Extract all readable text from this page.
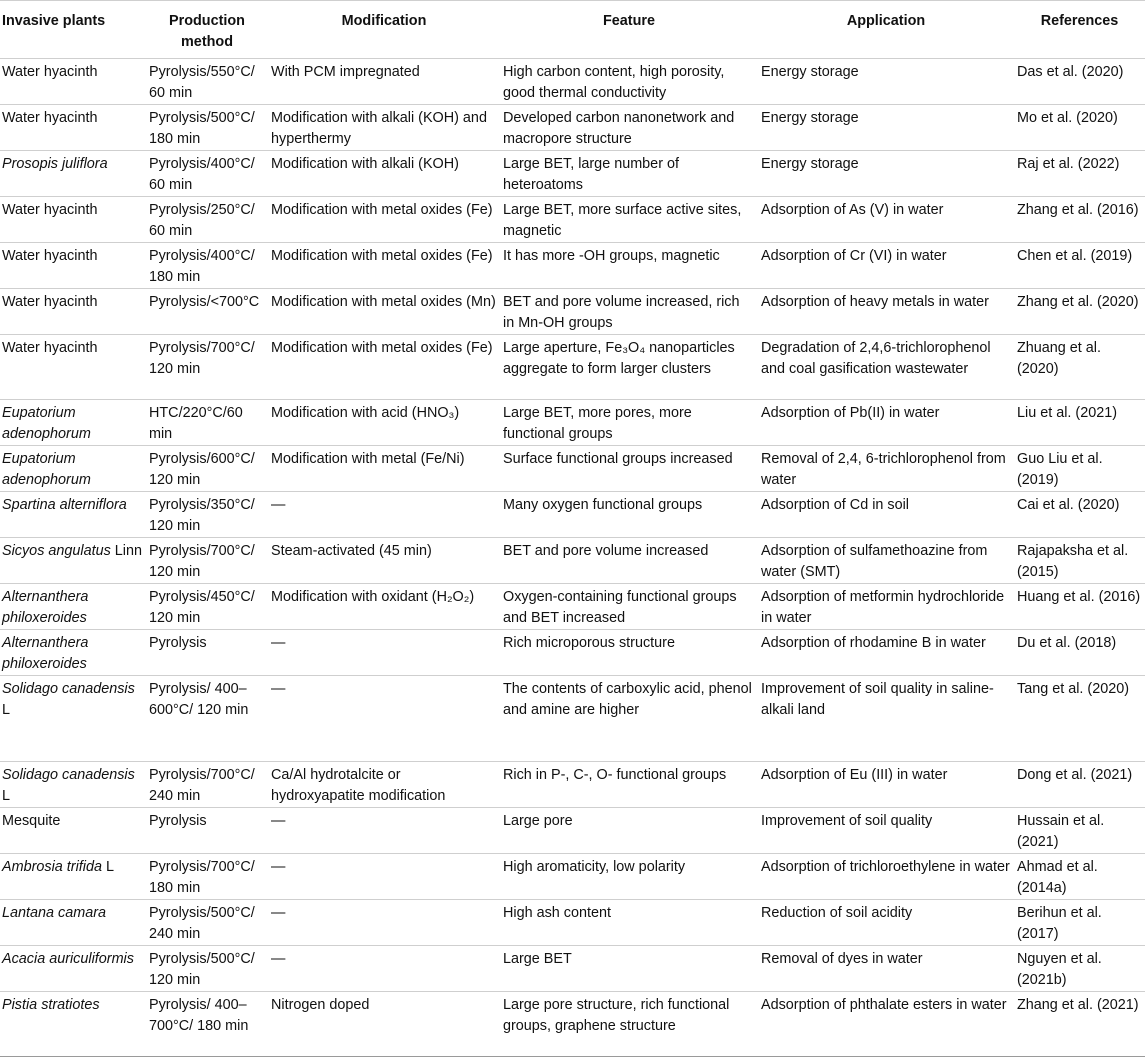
Invasive plants	Production method	Modification	Feature	Application	References
Water hyacinth	Pyrolysis/550°C/ 60 min	With PCM impregnated	High carbon content, high porosity, good thermal conductivity	Energy storage	Das et al. (2020)
Water hyacinth	Pyrolysis/500°C/ 180 min	Modification with alkali (KOH) and hyperthermy	Developed carbon nanonetwork and macropore structure	Energy storage	Mo et al. (2020)
Prosopis juliflora	Pyrolysis/400°C/ 60 min	Modification with alkali (KOH)	Large BET, large number of heteroatoms	Energy storage	Raj et al. (2022)
Water hyacinth	Pyrolysis/250°C/ 60 min	Modification with metal oxides (Fe)	Large BET, more surface active sites, magnetic	Adsorption of As (V) in water	Zhang et al. (2016)
Water hyacinth	Pyrolysis/400°C/ 180 min	Modification with metal oxides (Fe)	It has more -OH groups, magnetic	Adsorption of Cr (VI) in water	Chen et al. (2019)
Water hyacinth	Pyrolysis/<700°C	Modification with metal oxides (Mn)	BET and pore volume increased, rich in Mn-OH groups	Adsorption of heavy metals in water	Zhang et al. (2020)
Water hyacinth	Pyrolysis/700°C/ 120 min	Modification with metal oxides (Fe)	Large aperture, Fe₃O₄ nanoparticles aggregate to form larger clusters	Degradation of 2,4,6-trichlorophenol and coal gasification wastewater	Zhuang et al. (2020)
Eupatorium adenophorum	HTC/220°C/60 min	Modification with acid (HNO₃)	Large BET, more pores, more functional groups	Adsorption of Pb(II) in water	Liu et al. (2021)
Eupatorium adenophorum	Pyrolysis/600°C/ 120 min	Modification with metal (Fe/Ni)	Surface functional groups increased	Removal of 2,4, 6-trichlorophenol from water	Guo Liu et al. (2019)
Spartina alterniflora	Pyrolysis/350°C/ 120 min	—	Many oxygen functional groups	Adsorption of Cd in soil	Cai et al. (2020)
Sicyos angulatus Linn	Pyrolysis/700°C/ 120 min	Steam-activated (45 min)	BET and pore volume increased	Adsorption of sulfamethoazine from water (SMT)	Rajapaksha et al. (2015)
Alternanthera philoxeroides	Pyrolysis/450°C/ 120 min	Modification with oxidant (H₂O₂)	Oxygen-containing functional groups and BET increased	Adsorption of metformin hydrochloride in water	Huang et al. (2016)
Alternanthera philoxeroides	Pyrolysis	—	Rich microporous structure	Adsorption of rhodamine B in water	Du et al. (2018)
Solidago canadensis L	Pyrolysis/ 400–600°C/ 120 min	—	The contents of carboxylic acid, phenol and amine are higher	Improvement of soil quality in saline-alkali land	Tang et al. (2020)
Solidago canadensis L	Pyrolysis/700°C/ 240 min	Ca/Al hydrotalcite or hydroxyapatite modification	Rich in P-, C-, O- functional groups	Adsorption of Eu (III) in water	Dong et al. (2021)
Mesquite	Pyrolysis	—	Large pore	Improvement of soil quality	Hussain et al. (2021)
Ambrosia trifida L	Pyrolysis/700°C/ 180 min	—	High aromaticity, low polarity	Adsorption of trichloroethylene in water	Ahmad et al. (2014a)
Lantana camara	Pyrolysis/500°C/ 240 min	—	High ash content	Reduction of soil acidity	Berihun et al. (2017)
Acacia auriculiformis	Pyrolysis/500°C/ 120 min	—	Large BET	Removal of dyes in water	Nguyen et al. (2021b)
Pistia stratiotes	Pyrolysis/ 400–700°C/ 180 min	Nitrogen doped	Large pore structure, rich functional groups, graphene structure	Adsorption of phthalate esters in water	Zhang et al. (2021)
